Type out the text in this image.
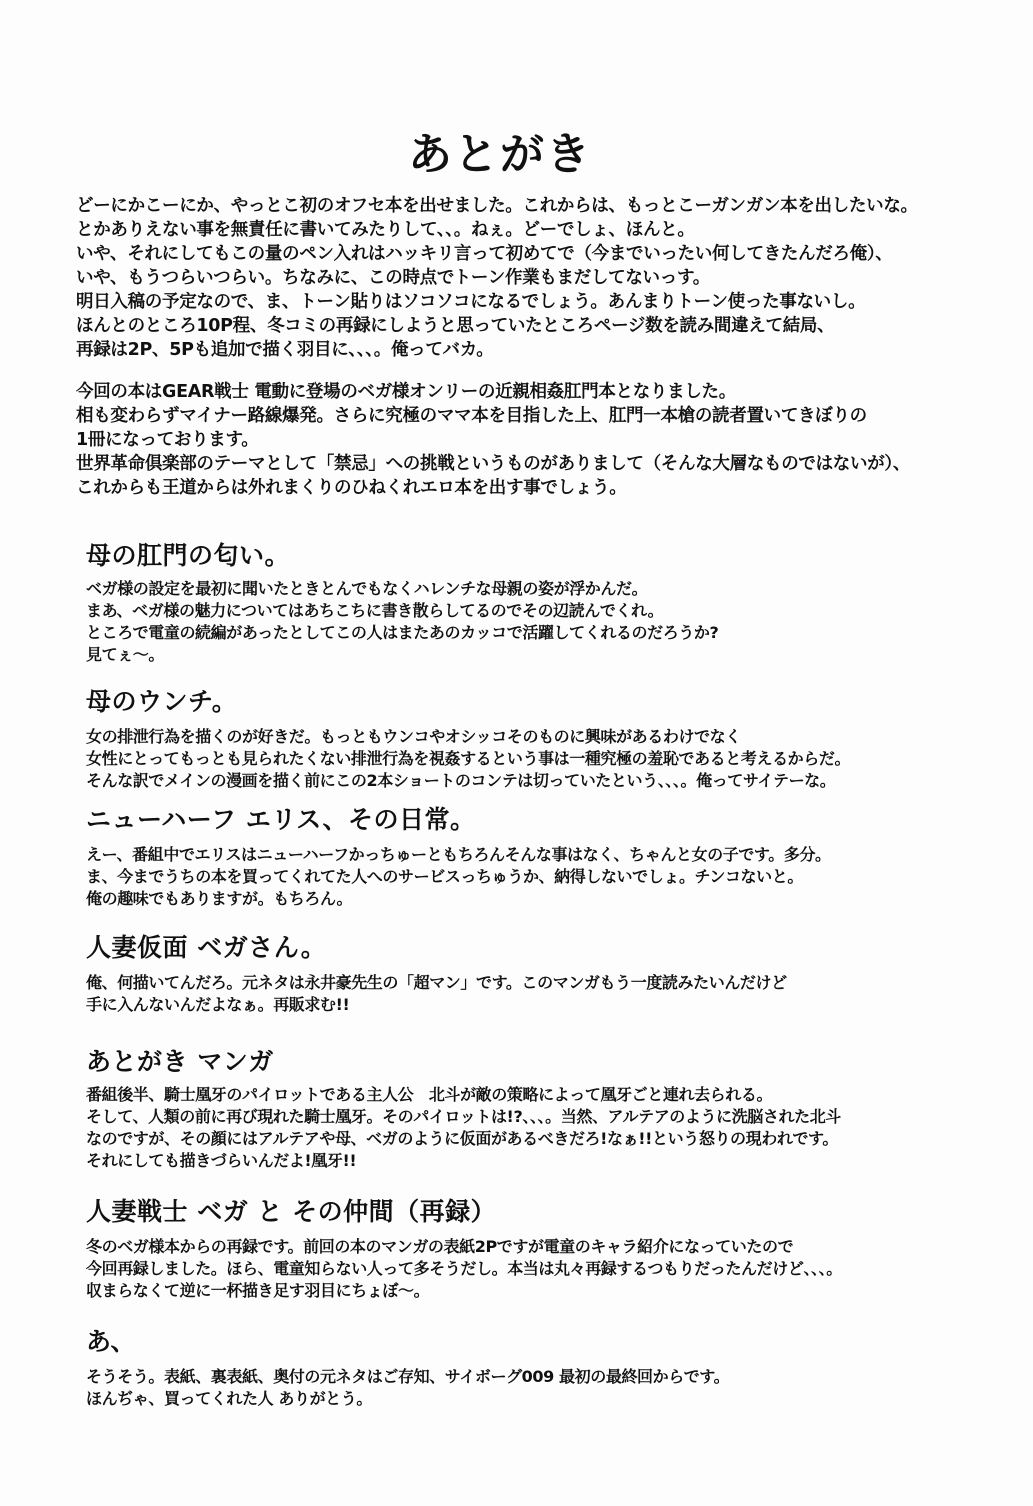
あとがき

どーにかこーにか、やっとこ初のオフセ本を出せました。これからは、もっとこーガンガン本を出したいな。

とかありえない事を無責任に書いてみたりして、、。ねぇ。どーでしょ、ほんと。

いや、それにしてもこの量のペン入れはハッキリ言って初めてで（今までいったい何してきたんだろ俺）、

いや、もうつらいつらい。ちなみに、この時点でトーン作業もまだしてないっす。

明日入稿の予定なので、ま、トーン貼りはソコソコになるでしょう。あんまりトーン使った事ないし。

ほんとのところ10P程、冬コミの再録にしようと思っていたところページ数を読み間違えて結局、

再録は2P、5Pも追加で描く羽目に、、、。俺ってバカ。

今回の本はGEAR戦士 電動に登場のベガ様オンリーの近親相姦肛門本となりました。

相も変わらずマイナー路線爆発。さらに究極のママ本を目指した上、肛門一本槍の読者置いてきぼりの

1冊になっております。

世界革命倶楽部のテーマとして「禁忌」への挑戦というものがありまして（そんな大層なものではないが）、

これからも王道からは外れまくりのひねくれエロ本を出す事でしょう。

母の肛門の匂い。

ベガ様の設定を最初に聞いたときとんでもなくハレンチな母親の姿が浮かんだ。

まあ、ベガ様の魅力についてはあちこちに書き散らしてるのでその辺読んでくれ。

ところで電童の続編があったとしてこの人はまたあのカッコで活躍してくれるのだろうか?

見てぇ〜。

母のウンチ。

女の排泄行為を描くのが好きだ。もっともウンコやオシッコそのものに興味があるわけでなく

女性にとってもっとも見られたくない排泄行為を視姦するという事は一種究極の羞恥であると考えるからだ。

そんな訳でメインの漫画を描く前にこの2本ショートのコンテは切っていたという、、、。俺ってサイテーな。

ニューハーフ エリス、その日常。

えー、番組中でエリスはニューハーフかっちゅーともちろんそんな事はなく、ちゃんと女の子です。多分。

ま、今までうちの本を買ってくれてた人へのサービスっちゅうか、納得しないでしょ。チンコないと。

俺の趣味でもありますが。もちろん。

人妻仮面 ベガさん。

俺、何描いてんだろ。元ネタは永井豪先生の「超マン」です。このマンガもう一度読みたいんだけど

手に入んないんだよなぁ。再販求む!!

あとがき マンガ

番組後半、騎士凰牙のパイロットである主人公　北斗が敵の策略によって凰牙ごと連れ去られる。

そして、人類の前に再び現れた騎士凰牙。そのパイロットは!?、、、。当然、アルテアのように洗脳された北斗

なのですが、その顔にはアルテアや母、ベガのように仮面があるべきだろ!なぁ!!という怒りの現われです。

それにしても描きづらいんだよ!凰牙!!

人妻戦士 ベガ と その仲間（再録）

冬のベガ様本からの再録です。前回の本のマンガの表紙2Pですが電童のキャラ紹介になっていたので

今回再録しました。ほら、電童知らない人って多そうだし。本当は丸々再録するつもりだったんだけど、、、。

収まらなくて逆に一杯描き足す羽目にちょぼ〜。

あ、

そうそう。表紙、裏表紙、奥付の元ネタはご存知、サイボーグ009 最初の最終回からです。

ほんぢゃ、買ってくれた人 ありがとう。
